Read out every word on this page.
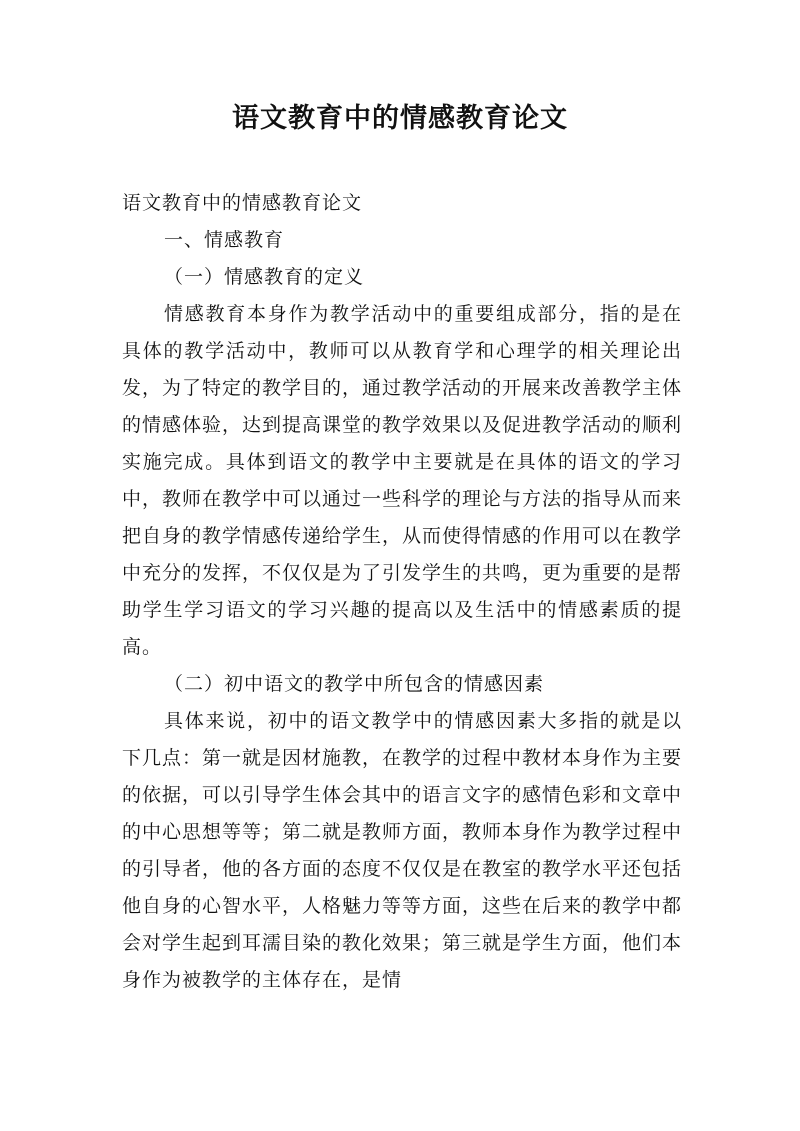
语文教育中的情感教育论文

语文教育中的情感教育论文

一、情感教育

（一）情感教育的定义

情感教育本身作为教学活动中的重要组成部分，指的是在具体的教学活动中，教师可以从教育学和心理学的相关理论出发，为了特定的教学目的，通过教学活动的开展来改善教学主体的情感体验，达到提高课堂的教学效果以及促进教学活动的顺利实施完成。具体到语文的教学中主要就是在具体的语文的学习中，教师在教学中可以通过一些科学的理论与方法的指导从而来把自身的教学情感传递给学生，从而使得情感的作用可以在教学中充分的发挥，不仅仅是为了引发学生的共鸣，更为重要的是帮助学生学习语文的学习兴趣的提高以及生活中的情感素质的提高。

（二）初中语文的教学中所包含的情感因素

具体来说，初中的语文教学中的情感因素大多指的就是以下几点：第一就是因材施教，在教学的过程中教材本身作为主要的依据，可以引导学生体会其中的语言文字的感情色彩和文章中的中心思想等等；第二就是教师方面，教师本身作为教学过程中的引导者，他的各方面的态度不仅仅是在教室的教学水平还包括他自身的心智水平，人格魅力等等方面，这些在后来的教学中都会对学生起到耳濡目染的教化效果；第三就是学生方面，他们本身作为被教学的主体存在，是情
